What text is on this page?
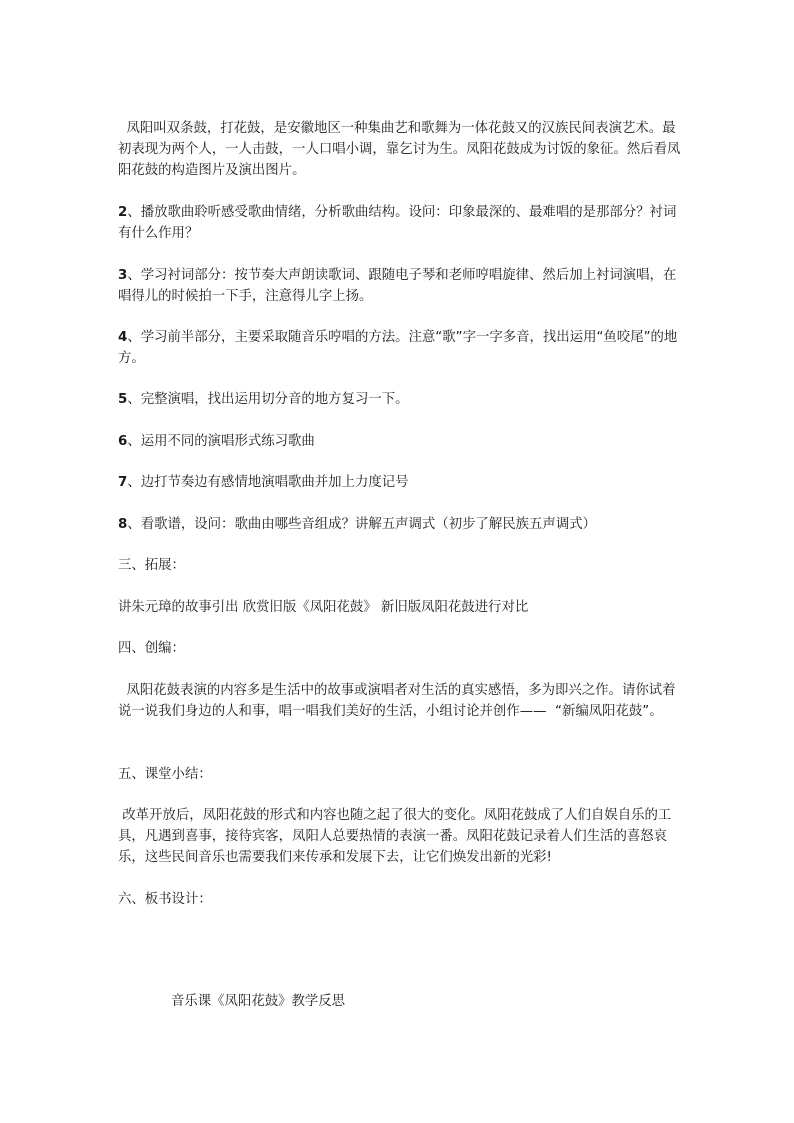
凤阳叫双条鼓，打花鼓，是安徽地区一种集曲艺和歌舞为一体花鼓又的汉族民间表演艺术。最初表现为两个人，一人击鼓，一人口唱小调，靠乞讨为生。凤阳花鼓成为讨饭的象征。然后看凤阳花鼓的构造图片及演出图片。

2、播放歌曲聆听感受歌曲情绪，分析歌曲结构。设问：印象最深的、最难唱的是那部分？衬词有什么作用？

3、学习衬词部分：按节奏大声朗读歌词、跟随电子琴和老师哼唱旋律、然后加上衬词演唱，在唱得儿的时候拍一下手，注意得儿字上扬。

4、学习前半部分，主要采取随音乐哼唱的方法。注意“歌”字一字多音，找出运用“鱼咬尾”的地方。

5、完整演唱，找出运用切分音的地方复习一下。

6、运用不同的演唱形式练习歌曲

7、边打节奏边有感情地演唱歌曲并加上力度记号

8、看歌谱，设问：歌曲由哪些音组成？讲解五声调式（初步了解民族五声调式）

三、拓展：

讲朱元璋的故事引出 欣赏旧版《凤阳花鼓》 新旧版凤阳花鼓进行对比

四、创编：

凤阳花鼓表演的内容多是生活中的故事或演唱者对生活的真实感悟，多为即兴之作。请你试着说一说我们身边的人和事，唱一唱我们美好的生活，小组讨论并创作——  “新编凤阳花鼓”。

五、课堂小结：

改革开放后，凤阳花鼓的形式和内容也随之起了很大的变化。凤阳花鼓成了人们自娱自乐的工具，凡遇到喜事，接待宾客，凤阳人总要热情的表演一番。凤阳花鼓记录着人们生活的喜怒哀乐，这些民间音乐也需要我们来传承和发展下去，让它们焕发出新的光彩!

六、板书设计：

音乐课《凤阳花鼓》教学反思
